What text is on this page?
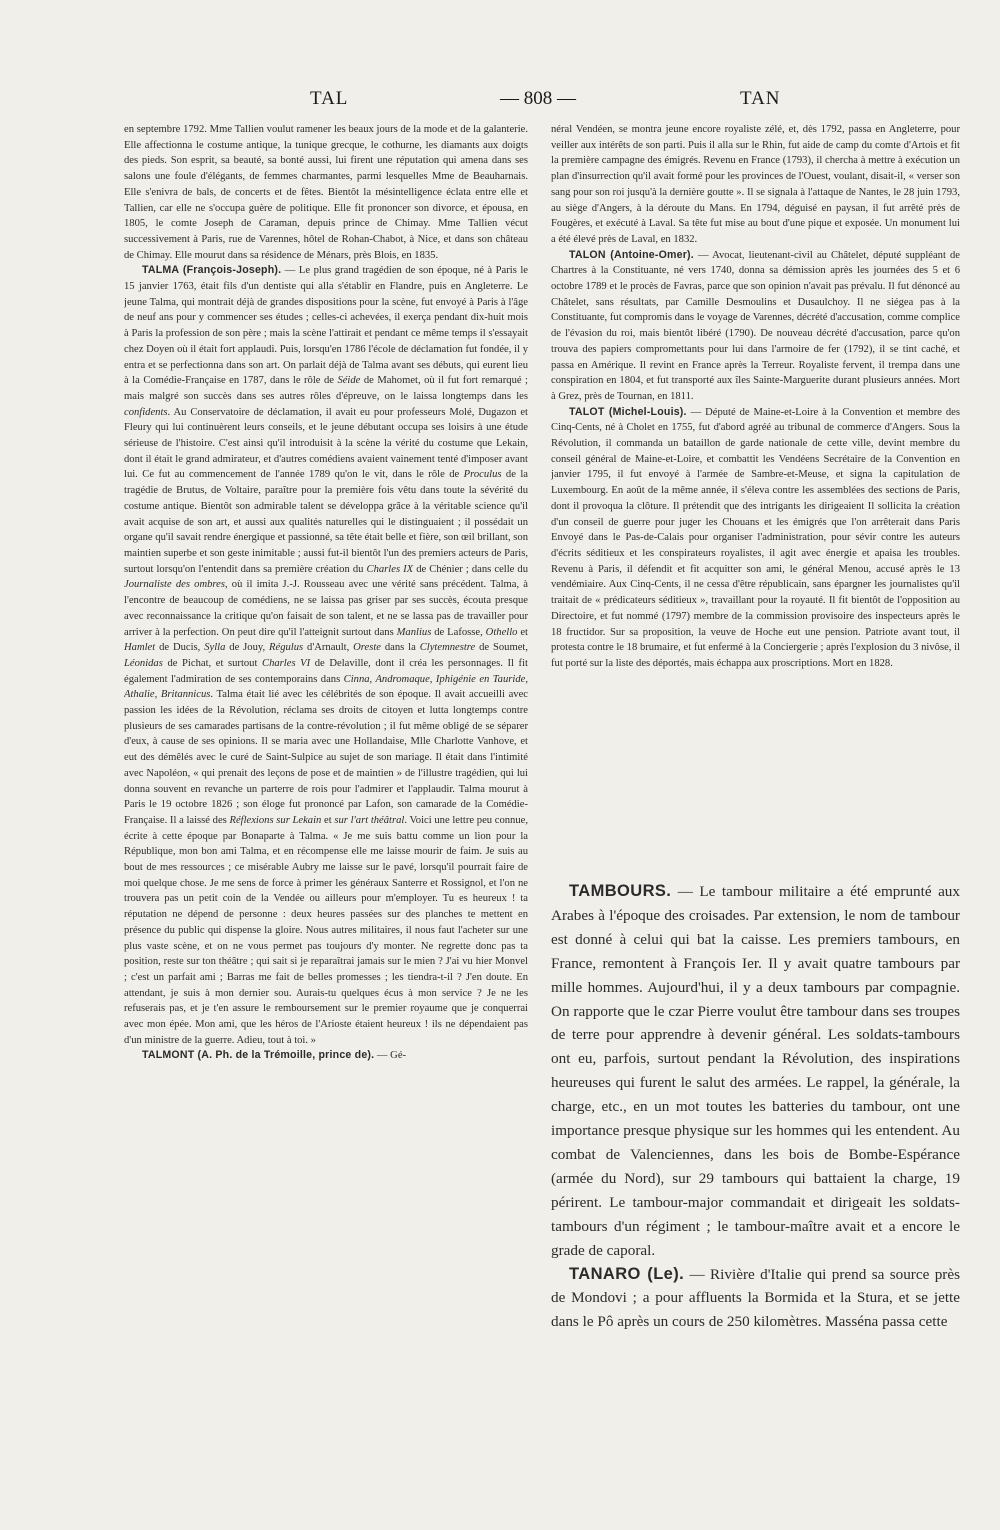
TAL	— 808 —	TAN

en septembre 1792. Mme Tallien voulut ramener les beaux jours de la mode et de la galanterie. Elle affectionna le costume antique, la tunique grecque, le cothurne, les diamants aux doigts des pieds. Son esprit, sa beauté, sa bonté aussi, lui firent une réputation qui amena dans ses salons une foule d'élégants, de femmes charmantes, parmi lesquelles Mme de Beauharnais. Elle s'enivra de bals, de concerts et de fêtes. Bientôt la mésintelligence éclata entre elle et Tallien, car elle ne s'occupa guère de politique. Elle fit prononcer son divorce, et épousa, en 1805, le comte Joseph de Caraman, depuis prince de Chimay. Mme Tallien vécut successivement à Paris, rue de Varennes, hôtel de Rohan-Chabot, à Nice, et dans son château de Chimay. Elle mourut dans sa résidence de Ménars, près Blois, en 1835.

TALMA (François-Joseph). — Le plus grand tragédien de son époque, né à Paris le 15 janvier 1763, était fils d'un dentiste qui alla s'établir en Flandre, puis en Angleterre. Le jeune Talma, qui montrait déjà de grandes dispositions pour la scène, fut envoyé à Paris à l'âge de neuf ans pour y commencer ses études ; celles-ci achevées, il exerça pendant dix-huit mois à Paris la profession de son père ; mais la scène l'attirait et pendant ce même temps il s'essayait chez Doyen où il était fort applaudi. Puis, lorsqu'en 1786 l'école de déclamation fut fondée, il y entra et se perfectionna dans son art. On parlait déjà de Talma avant ses débuts, qui eurent lieu à la Comédie-Française en 1787, dans le rôle de Séide de Mahomet, où il fut fort remarqué ; mais malgré son succès dans ses autres rôles d'épreuve, on le laissa longtemps dans les confidents. Au Conservatoire de déclamation, il avait eu pour professeurs Molé, Dugazon et Fleury qui lui continuèrent leurs conseils, et le jeune débutant occupa ses loisirs à une étude sérieuse de l'histoire. C'est ainsi qu'il introduisit à la scène la vérité du costume que Lekain, dont il était le grand admirateur, et d'autres comédiens avaient vainement tenté d'imposer avant lui. Ce fut au commencement de l'année 1789 qu'on le vit, dans le rôle de Proculus de la tragédie de Brutus, de Voltaire, paraître pour la première fois vêtu dans toute la sévérité du costume antique. Bientôt son admirable talent se développa grâce à la véritable science qu'il avait acquise de son art, et aussi aux qualités naturelles qui le distinguaient ; il possédait un organe qu'il savait rendre énergique et passionné, sa tête était belle et fière, son œil brillant, son maintien superbe et son geste inimitable ; aussi fut-il bientôt l'un des premiers acteurs de Paris, surtout lorsqu'on l'entendit dans sa première création du Charles IX de Chénier ; dans celle du Journaliste des ombres, où il imita J.-J. Rousseau avec une vérité sans précédent. Talma, à l'encontre de beaucoup de comédiens, ne se laissa pas griser par ses succès, écouta presque avec reconnaissance la critique qu'on faisait de son talent, et ne se lassa pas de travailler pour arriver à la perfection. On peut dire qu'il l'atteignit surtout dans Manlius de Lafosse, Othello et Hamlet de Ducis, Sylla de Jouy, Régulus d'Arnault, Oreste dans la Clytemnestre de Soumet, Léonidas de Pichat, et surtout Charles VI de Delaville, dont il créa les personnages. Il fit également l'admiration de ses contemporains dans Cinna, Andromaque, Iphigénie en Tauride, Athalie, Britannicus. Talma était lié avec les célébrités de son époque. Il avait accueilli avec passion les idées de la Révolution, réclama ses droits de citoyen et lutta longtemps contre plusieurs de ses camarades partisans de la contre-révolution ; il fut même obligé de se séparer d'eux, à cause de ses opinions. Il se maria avec une Hollandaise, Mlle Charlotte Vanhove, et eut des démêlés avec le curé de Saint-Sulpice au sujet de son mariage. Il était dans l'intimité avec Napoléon, « qui prenait des leçons de pose et de maintien » de l'illustre tragédien, qui lui donna souvent en revanche un parterre de rois pour l'admirer et l'applaudir. Talma mourut à Paris le 19 octobre 1826 ; son éloge fut prononcé par Lafon, son camarade de la Comédie-Française. Il a laissé des Réflexions sur Lekain et sur l'art théâtral. Voici une lettre peu connue, écrite à cette époque par Bonaparte à Talma. « Je me suis battu comme un lion pour la République, mon bon ami Talma, et en récompense elle me laisse mourir de faim. Je suis au bout de mes ressources ; ce misérable Aubry me laisse sur le pavé, lorsqu'il pourrait faire de moi quelque chose. Je me sens de force à primer les généraux Santerre et Rossignol, et l'on ne trouvera pas un petit coin de la Vendée ou ailleurs pour m'employer. Tu es heureux ! ta réputation ne dépend de personne : deux heures passées sur des planches te mettent en présence du public qui dispense la gloire. Nous autres militaires, il nous faut l'acheter sur une plus vaste scène, et on ne vous permet pas toujours d'y monter. Ne regrette donc pas ta position, reste sur ton théâtre ; qui sait si je reparaîtrai jamais sur le mien ? J'ai vu hier Monvel ; c'est un parfait ami ; Barras me fait de belles promesses ; les tiendra-t-il ? J'en doute. En attendant, je suis à mon dernier sou. Aurais-tu quelques écus à mon service ? Je ne les refuserais pas, et je t'en assure le remboursement sur le premier royaume que je conquerrai avec mon épée. Mon ami, que les héros de l'Arioste étaient heureux ! ils ne dépendaient pas d'un ministre de la guerre. Adieu, tout à toi. »

TALMONT (A. Ph. de la Trémoille, prince de). — Gé-

néral Vendéen, se montra jeune encore royaliste zélé, et, dès 1792, passa en Angleterre, pour veiller aux intérêts de son parti. Puis il alla sur le Rhin, fut aide de camp du comte d'Artois et fit la première campagne des émigrés. Revenu en France (1793), il chercha à mettre à exécution un plan d'insurrection qu'il avait formé pour les provinces de l'Ouest, voulant, disait-il, « verser son sang pour son roi jusqu'à la dernière goutte ». Il se signala à l'attaque de Nantes, le 28 juin 1793, au siège d'Angers, à la déroute du Mans. En 1794, déguisé en paysan, il fut arrêté près de Fougères, et exécuté à Laval. Sa tête fut mise au bout d'une pique et exposée. Un monument lui a été élevé près de Laval, en 1832.

TALON (Antoine-Omer). — Avocat, lieutenant-civil au Châtelet, député suppléant de Chartres à la Constituante, né vers 1740, donna sa démission après les journées des 5 et 6 octobre 1789 et le procès de Favras, parce que son opinion n'avait pas prévalu. Il fut dénoncé au Châtelet, sans résultats, par Camille Desmoulins et Dusaulchoy. Il ne siégea pas à la Constituante, fut compromis dans le voyage de Varennes, décrété d'accusation, comme complice de l'évasion du roi, mais bientôt libéré (1790). De nouveau décrété d'accusation, parce qu'on trouva des papiers compromettants pour lui dans l'armoire de fer (1792), il se tint caché, et passa en Amérique. Il revint en France après la Terreur. Royaliste fervent, il trempa dans une conspiration en 1804, et fut transporté aux îles Sainte-Marguerite durant plusieurs années. Mort à Grez, près de Tournan, en 1811.

TALOT (Michel-Louis). — Député de Maine-et-Loire à la Convention et membre des Cinq-Cents, né à Cholet en 1755, fut d'abord agréé au tribunal de commerce d'Angers. Sous la Révolution, il commanda un bataillon de garde nationale de cette ville, devint membre du conseil général de Maine-et-Loire, et combattit les Vendéens Secrétaire de la Convention en janvier 1795, il fut envoyé à l'armée de Sambre-et-Meuse, et signa la capitulation de Luxembourg. En août de la même année, il s'éleva contre les assemblées des sections de Paris, dont il provoqua la clôture. Il prétendit que des intrigants les dirigeaient Il sollicita la création d'un conseil de guerre pour juger les Chouans et les émigrés que l'on arrêterait dans Paris Envoyé dans le Pas-de-Calais pour organiser l'administration, pour sévir contre les auteurs d'écrits séditieux et les conspirateurs royalistes, il agit avec énergie et apaisa les troubles. Revenu à Paris, il défendit et fit acquitter son ami, le général Menou, accusé après le 13 vendémiaire. Aux Cinq-Cents, il ne cessa d'être républicain, sans épargner les journalistes qu'il traitait de « prédicateurs séditieux », travaillant pour la royauté. Il fit bientôt de l'opposition au Directoire, et fut nommé (1797) membre de la commission provisoire des inspecteurs après le 18 fructidor. Sur sa proposition, la veuve de Hoche eut une pension. Patriote avant tout, il protesta contre le 18 brumaire, et fut enfermé à la Conciergerie ; après l'explosion du 3 nivôse, il fut porté sur la liste des déportés, mais échappa aux proscriptions. Mort en 1828.

TAMBOURS. — Le tambour militaire a été emprunté aux Arabes à l'époque des croisades. Par extension, le nom de tambour est donné à celui qui bat la caisse. Les premiers tambours, en France, remontent à François Ier. Il y avait quatre tambours par mille hommes. Aujourd'hui, il y a deux tambours par compagnie. On rapporte que le czar Pierre voulut être tambour dans ses troupes de terre pour apprendre à devenir général. Les soldats-tambours ont eu, parfois, surtout pendant la Révolution, des inspirations heureuses qui furent le salut des armées. Le rappel, la générale, la charge, etc., en un mot toutes les batteries du tambour, ont une importance presque physique sur les hommes qui les entendent. Au combat de Valenciennes, dans les bois de Bombe-Espérance (armée du Nord), sur 29 tambours qui battaient la charge, 19 périrent. Le tambour-major commandait et dirigeait les soldats-tambours d'un régiment ; le tambour-maître avait et a encore le grade de caporal.

TANARO (Le). — Rivière d'Italie qui prend sa source près de Mondovi ; a pour affluents la Bormida et la Stura, et se jette dans le Pô après un cours de 250 kilomètres. Masséna passa cette
